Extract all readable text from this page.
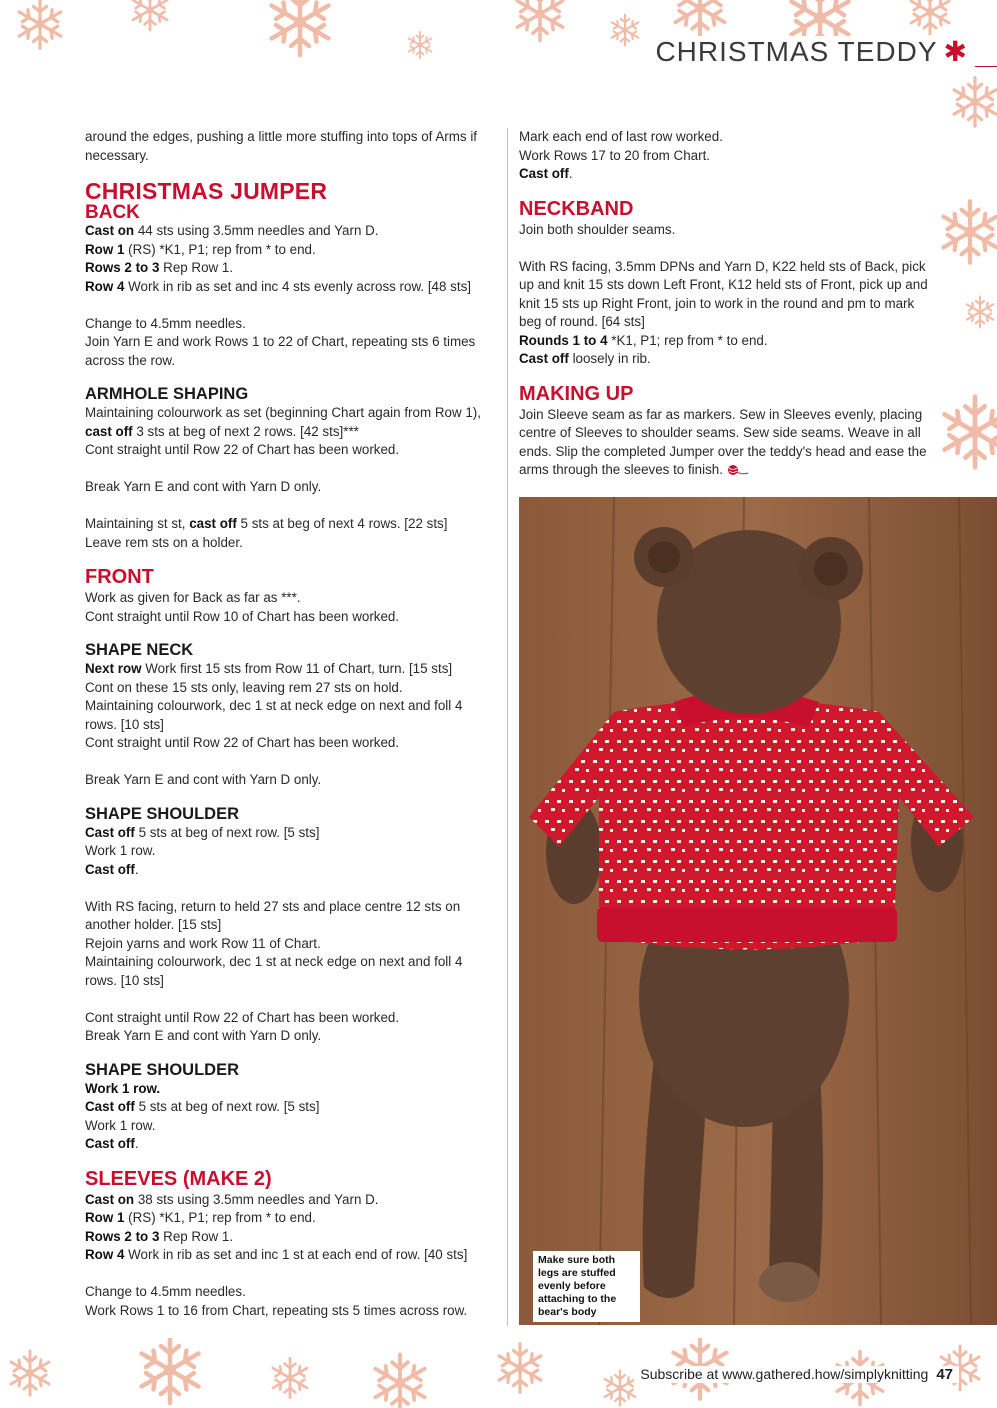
CHRISTMAS TEDDY ✱

around the edges, pushing a little more stuffing into tops of Arms if necessary.

CHRISTMAS JUMPER
BACK

Cast on 44 sts using 3.5mm needles and Yarn D.

Row 1 (RS) *K1, P1; rep from * to end.

Rows 2 to 3 Rep Row 1.

Row 4 Work in rib as set and inc 4 sts evenly across row. [48 sts]

Change to 4.5mm needles.

Join Yarn E and work Rows 1 to 22 of Chart, repeating sts 6 times across the row.

ARMHOLE SHAPING

Maintaining colourwork as set (beginning Chart again from Row 1), cast off 3 sts at beg of next 2 rows. [42 sts]***

Cont straight until Row 22 of Chart has been worked.

Break Yarn E and cont with Yarn D only.

Maintaining st st, cast off 5 sts at beg of next 4 rows. [22 sts]

Leave rem sts on a holder.

FRONT

Work as given for Back as far as ***.

Cont straight until Row 10 of Chart has been worked.

SHAPE NECK

Next row Work first 15 sts from Row 11 of Chart, turn. [15 sts]

Cont on these 15 sts only, leaving rem 27 sts on hold.

Maintaining colourwork, dec 1 st at neck edge on next and foll 4 rows. [10 sts]

Cont straight until Row 22 of Chart has been worked.

Break Yarn E and cont with Yarn D only.

SHAPE SHOULDER

Cast off 5 sts at beg of next row. [5 sts]

Work 1 row.

Cast off.

With RS facing, return to held 27 sts and place centre 12 sts on another holder. [15 sts]

Rejoin yarns and work Row 11 of Chart.

Maintaining colourwork, dec 1 st at neck edge on next and foll 4 rows. [10 sts]

Cont straight until Row 22 of Chart has been worked.

Break Yarn E and cont with Yarn D only.

SHAPE SHOULDER

Work 1 row.

Cast off 5 sts at beg of next row. [5 sts]

Work 1 row.

Cast off.

SLEEVES (MAKE 2)

Cast on 38 sts using 3.5mm needles and Yarn D.

Row 1 (RS) *K1, P1; rep from * to end.

Rows 2 to 3 Rep Row 1.

Row 4 Work in rib as set and inc 1 st at each end of row. [40 sts]

Change to 4.5mm needles.

Work Rows 1 to 16 from Chart, repeating sts 5 times across row.

Mark each end of last row worked.

Work Rows 17 to 20 from Chart.

Cast off.

NECKBAND

Join both shoulder seams.

With RS facing, 3.5mm DPNs and Yarn D, K22 held sts of Back, pick up and knit 15 sts down Left Front, K12 held sts of Front, pick up and knit 15 sts up Right Front, join to work in the round and pm to mark beg of round. [64 sts]

Rounds 1 to 4 *K1, P1; rep from * to end.

Cast off loosely in rib.

MAKING UP

Join Sleeve seam as far as markers. Sew in Sleeves evenly, placing centre of Sleeves to shoulder seams. Sew side seams. Weave in all ends. Slip the completed Jumper over the teddy's head and ease the arms through the sleeves to finish.

Make sure both legs are stuffed evenly before attaching to the bear's body
Subscribe at www.gathered.how/simplyknitting 47
